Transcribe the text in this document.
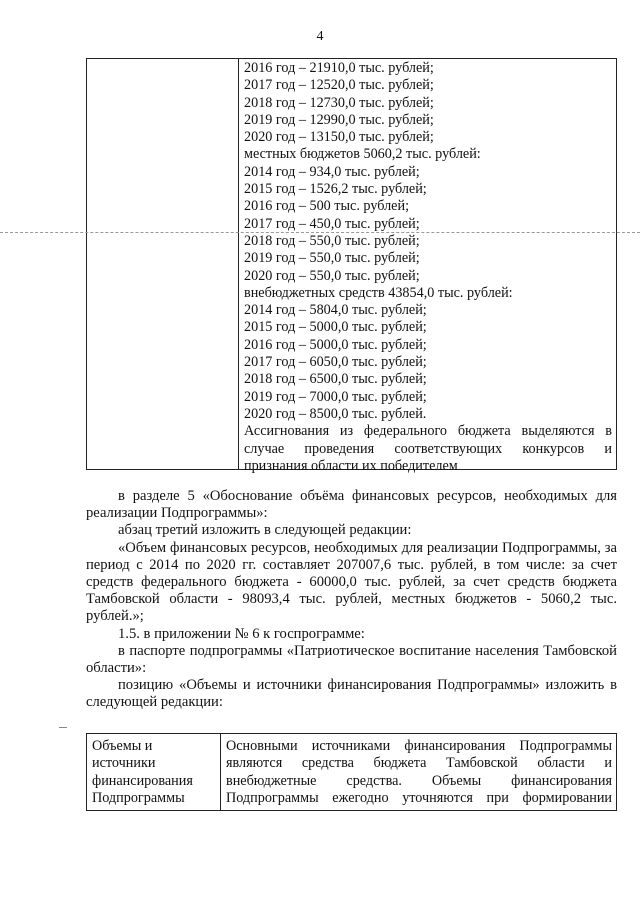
4
2016 год – 21910,0 тыс. рублей;
2017 год – 12520,0 тыс. рублей;
2018 год – 12730,0 тыс. рублей;
2019 год – 12990,0 тыс. рублей;
2020 год – 13150,0 тыс. рублей;
местных бюджетов 5060,2 тыс. рублей:
2014 год – 934,0 тыс. рублей;
2015 год – 1526,2 тыс. рублей;
2016 год – 500 тыс. рублей;
2017 год – 450,0 тыс. рублей;
2018 год – 550,0 тыс. рублей;
2019 год – 550,0 тыс. рублей;
2020 год – 550,0 тыс. рублей;
внебюджетных средств 43854,0 тыс. рублей:
2014 год – 5804,0 тыс. рублей;
2015 год – 5000,0 тыс. рублей;
2016 год – 5000,0 тыс. рублей;
2017 год – 6050,0 тыс. рублей;
2018 год – 6500,0 тыс. рублей;
2019 год – 7000,0 тыс. рублей;
2020 год – 8500,0 тыс. рублей.
Ассигнования из федерального бюджета выделяются в
случае проведения соответствующих конкурсов и
признания области их победителем

в разделе 5 «Обоснование объёма финансовых ресурсов, необходимых для реализации Подпрограммы»:

абзац третий изложить в следующей редакции:

«Объем финансовых ресурсов, необходимых для реализации Подпрограммы, за период с 2014 по 2020 гг. составляет 207007,6 тыс. рублей, в том числе: за счет средств федерального бюджета - 60000,0 тыс. рублей, за счет средств бюджета Тамбовской области - 98093,4 тыс. рублей, местных бюджетов - 5060,2 тыс. рублей.»;

1.5. в приложении № 6 к госпрограмме:

в паспорте подпрограммы «Патриотическое воспитание населения Тамбовской области»:

позицию «Объемы и источники финансирования Подпрограммы» изложить в следующей редакции:

Объемы и
источники
финансирования
Подпрограммы
Основными источниками финансирования Подпрограммы
являются средства бюджета Тамбовской области и
внебюджетные средства. Объемы финансирования
Подпрограммы ежегодно уточняются при формировании
